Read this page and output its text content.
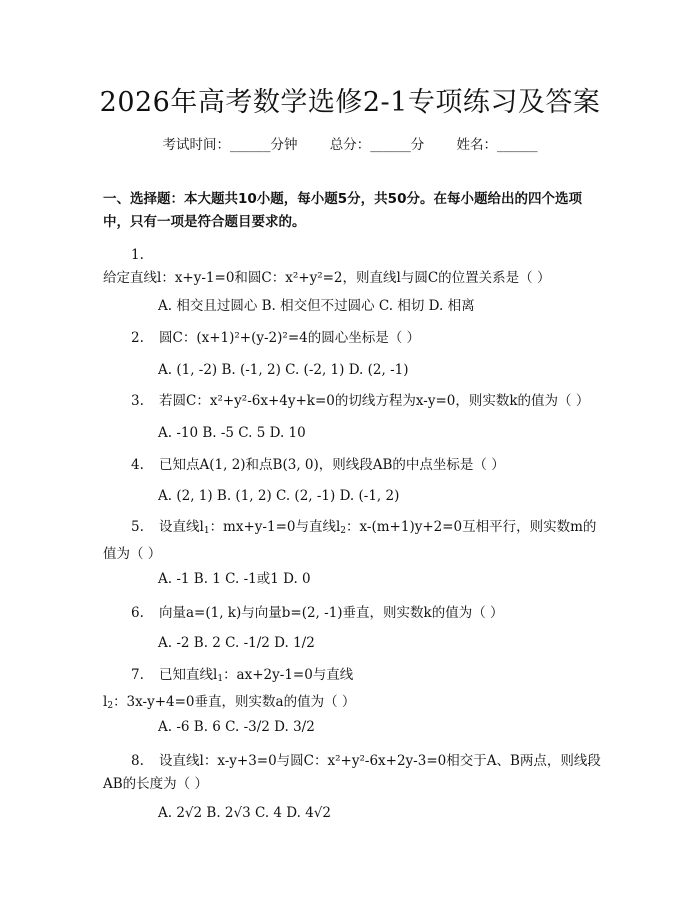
2026年高考数学选修2-1专项练习及答案
考试时间：______分钟 总分：______分 姓名：______
一、选择题：本大题共10小题，每小题5分，共50分。在每小题给出的四个选项中，只有一项是符合题目要求的。
1.给定直线l：x+y-1=0和圆C：x²+y²=2，则直线l与圆C的位置关系是（ ）
A. 相交且过圆心 B. 相交但不过圆心 C. 相切 D. 相离
2. 圆C：(x+1)²+(y-2)²=4的圆心坐标是（ ）
A. (1, -2) B. (-1, 2) C. (-2, 1) D. (2, -1)
3. 若圆C：x²+y²-6x+4y+k=0的切线方程为x-y=0，则实数k的值为（ ）
A. -10 B. -5 C. 5 D. 10
4. 已知点A(1, 2)和点B(3, 0)，则线段AB的中点坐标是（ ）
A. (2, 1) B. (1, 2) C. (2, -1) D. (-1, 2)
5. 设直线$l_1$：mx+y-1=0与直线$l_2$：x-(m+1)y+2=0互相平行，则实数m的值为（ ）
A. -1 B. 1 C. -1或1 D. 0
6. 向量a=(1, k)与向量b=(2, -1)垂直，则实数k的值为（ ）
A. -2 B. 2 C. -1/2 D. 1/2
7. 已知直线$l_1$：ax+2y-1=0与直线$l_2$：3x-y+4=0垂直，则实数a的值为（ ）
A. -6 B. 6 C. -3/2 D. 3/2
8. 设直线l：x-y+3=0与圆C：x²+y²-6x+2y-3=0相交于A、B两点，则线段AB的长度为（ ）
A. 2√2 B. 2√3 C. 4 D. 4√2
